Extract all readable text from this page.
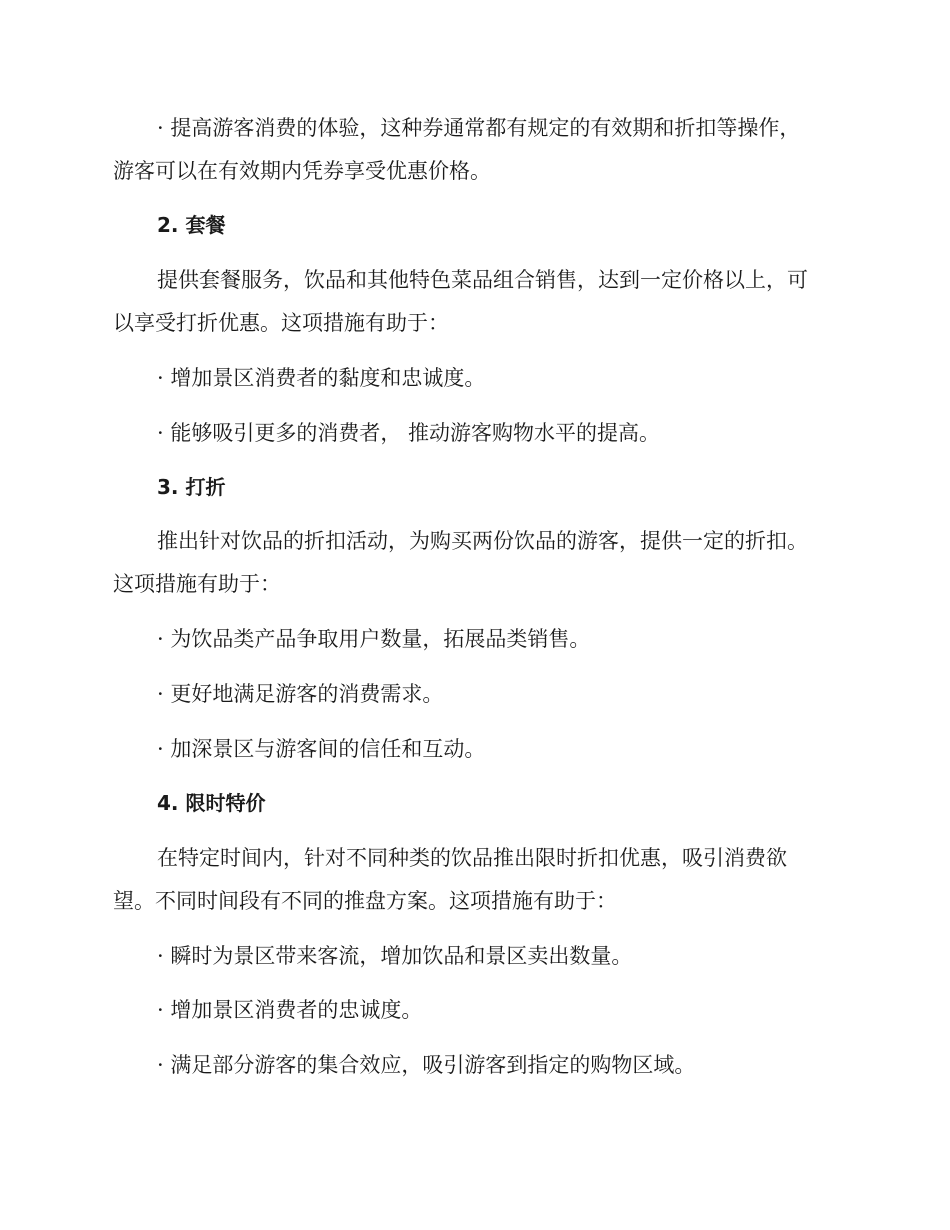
· 提高游客消费的体验，这种券通常都有规定的有效期和折扣等操作，
游客可以在有效期内凭券享受优惠价格。
2. 套餐
提供套餐服务，饮品和其他特色菜品组合销售，达到一定价格以上，可
以享受打折优惠。这项措施有助于：
· 增加景区消费者的黏度和忠诚度。
· 能够吸引更多的消费者， 推动游客购物水平的提高。
3. 打折
推出针对饮品的折扣活动，为购买两份饮品的游客，提供一定的折扣。
这项措施有助于：
· 为饮品类产品争取用户数量，拓展品类销售。
· 更好地满足游客的消费需求。
· 加深景区与游客间的信任和互动。
4. 限时特价
在特定时间内，针对不同种类的饮品推出限时折扣优惠，吸引消费欲
望。不同时间段有不同的推盘方案。这项措施有助于：
· 瞬时为景区带来客流，增加饮品和景区卖出数量。
· 增加景区消费者的忠诚度。
· 满足部分游客的集合效应，吸引游客到指定的购物区域。
